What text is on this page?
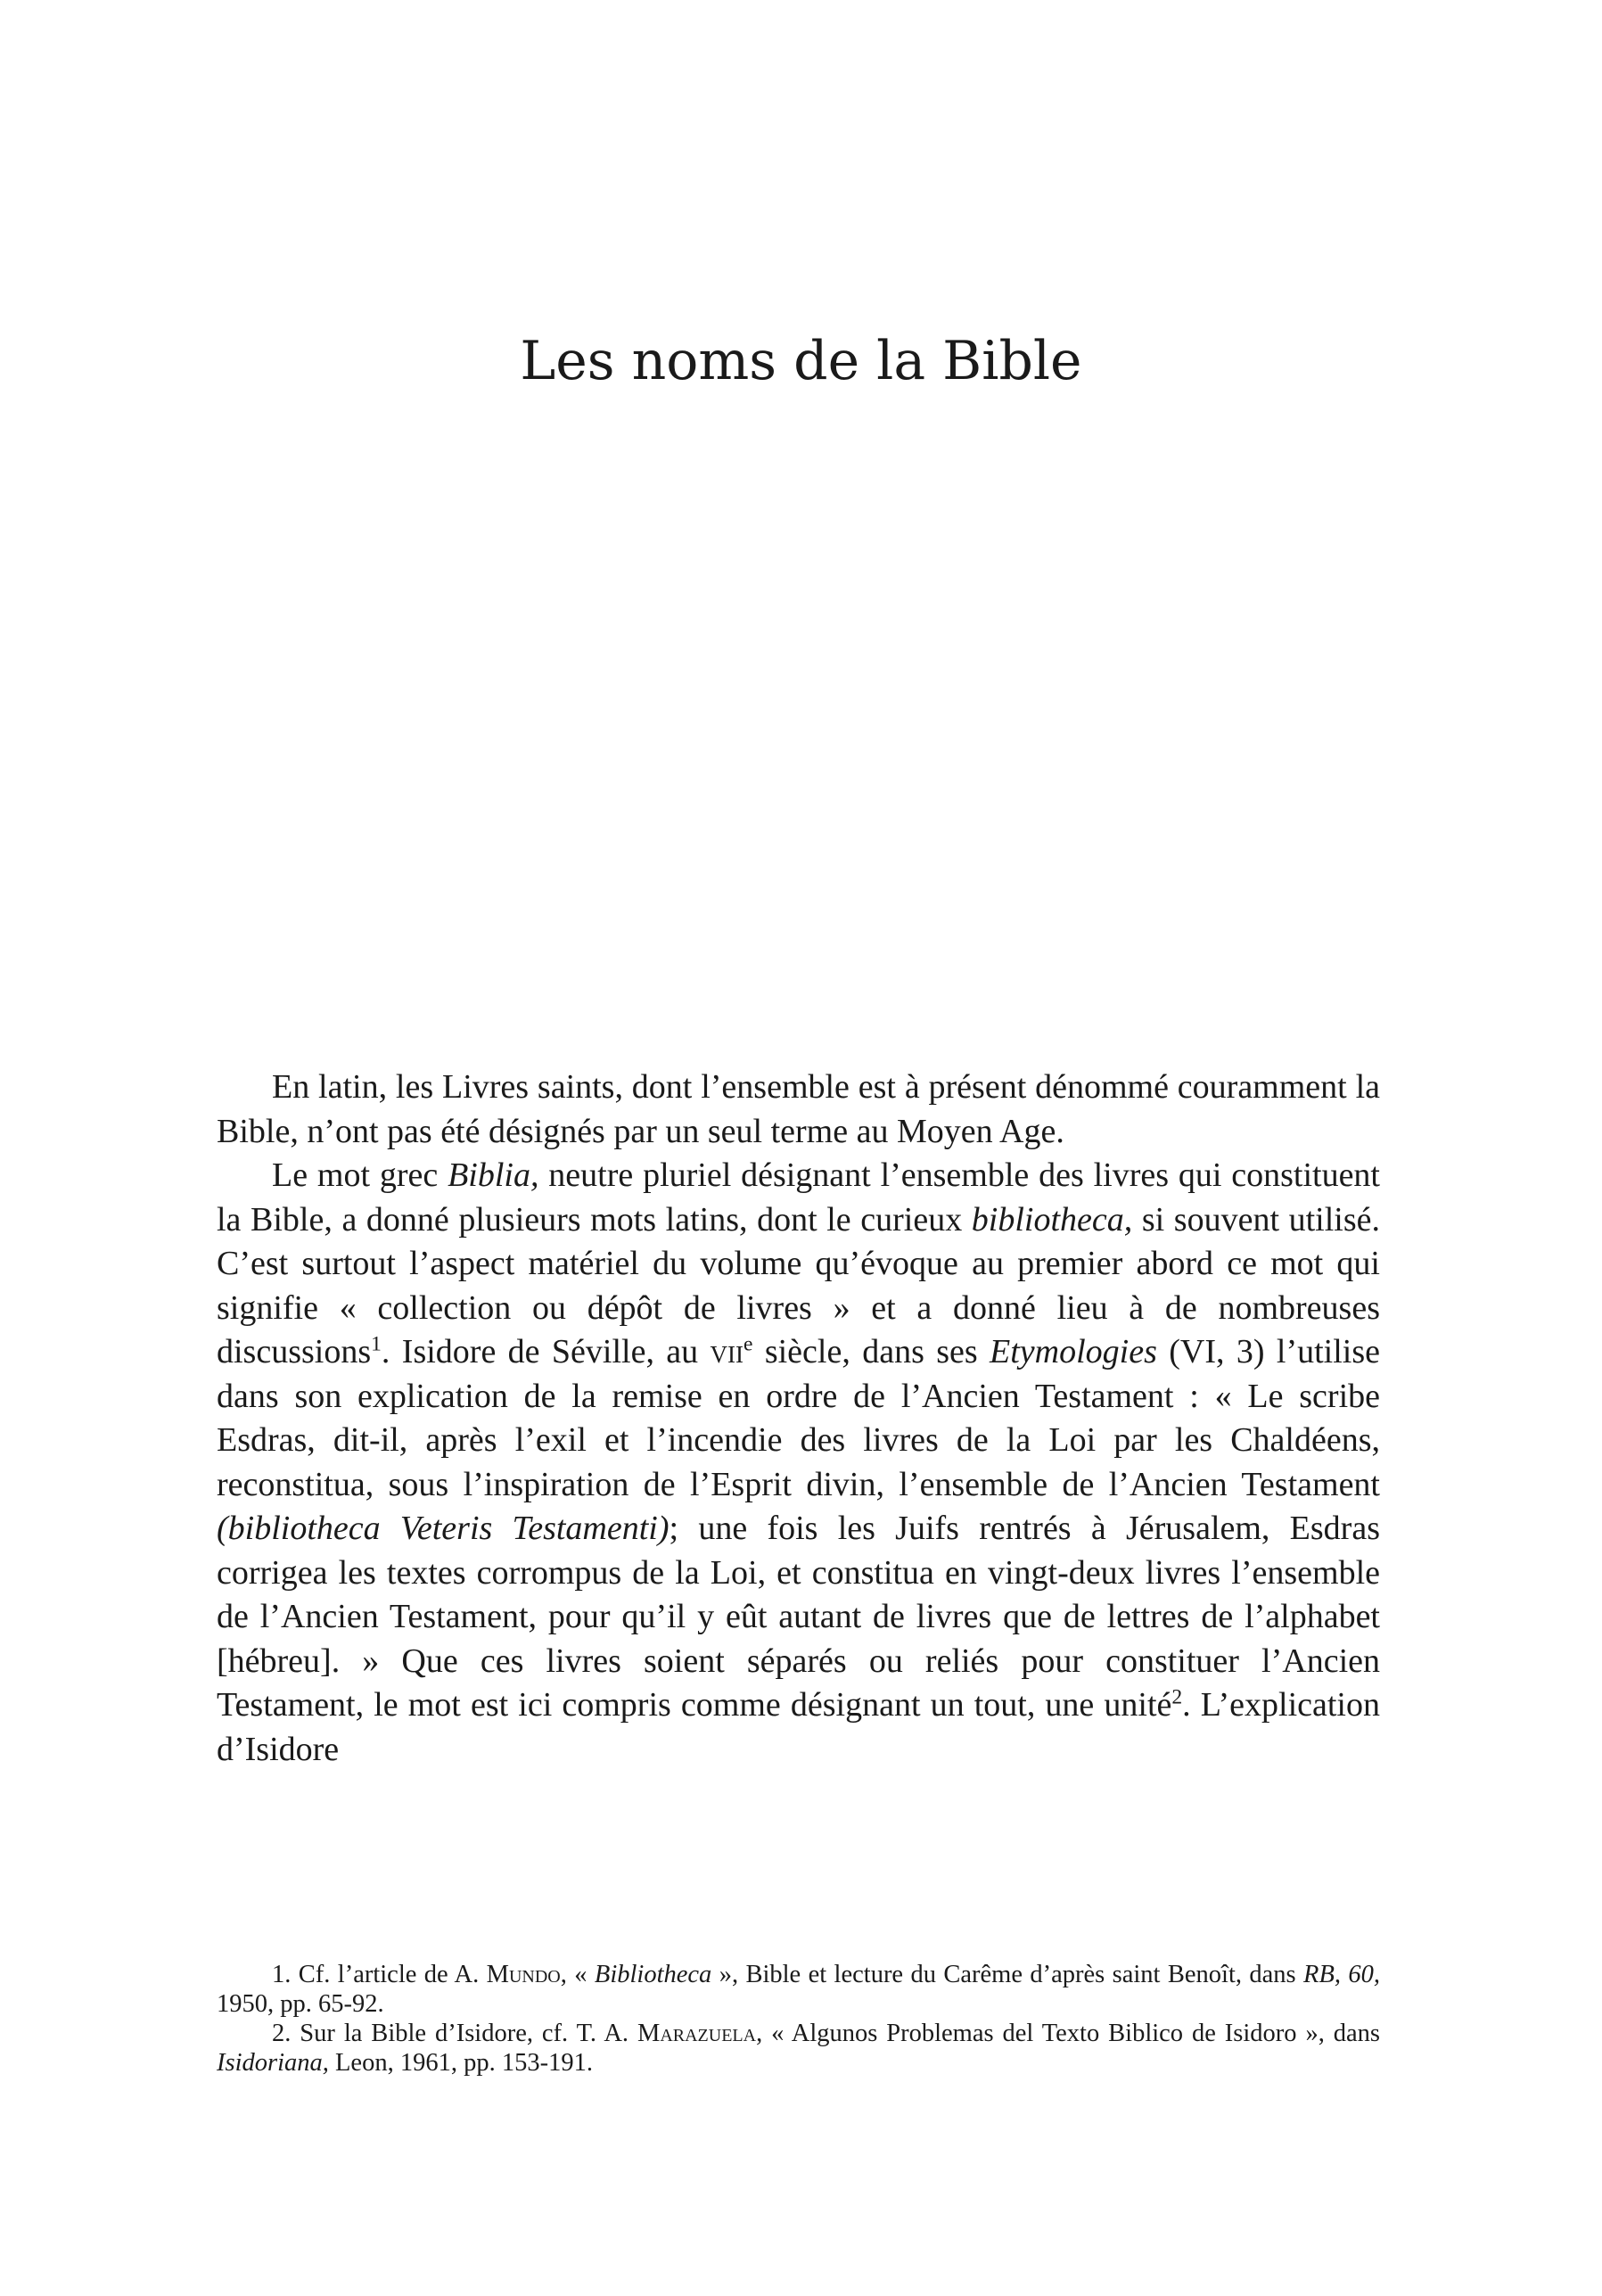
Les noms de la Bible

En latin, les Livres saints, dont l’ensemble est à présent dénommé couramment la Bible, n’ont pas été désignés par un seul terme au Moyen Age.

Le mot grec Biblia, neutre pluriel désignant l’ensemble des livres qui constituent la Bible, a donné plusieurs mots latins, dont le curieux bibliotheca, si souvent utilisé. C’est surtout l’aspect matériel du volume qu’évoque au premier abord ce mot qui signifie « collection ou dépôt de livres » et a donné lieu à de nombreuses discussions$^1$. Isidore de Séville, au vii$^e$ siècle, dans ses Etymologies (VI, 3) l’utilise dans son explication de la remise en ordre de l’Ancien Testament : « Le scribe Esdras, dit-il, après l’exil et l’incendie des livres de la Loi par les Chaldéens, reconstitua, sous l’inspiration de l’Esprit divin, l’ensemble de l’Ancien Testament (bibliotheca Veteris Testamenti); une fois les Juifs rentrés à Jérusalem, Esdras corrigea les textes corrompus de la Loi, et constitua en vingt-deux livres l’ensemble de l’Ancien Testament, pour qu’il y eût autant de livres que de lettres de l’alphabet [hébreu]. » Que ces livres soient séparés ou reliés pour constituer l’Ancien Testament, le mot est ici compris comme désignant un tout, une unité$^2$. L’explication d’Isidore

1. Cf. l’article de A. Mundo, « Bibliotheca », Bible et lecture du Carême d’après saint Benoît, dans RB, 60, 1950, pp. 65-92.

2. Sur la Bible d’Isidore, cf. T. A. Marazuela, « Algunos Problemas del Texto Biblico de Isidoro », dans Isidoriana, Leon, 1961, pp. 153-191.
